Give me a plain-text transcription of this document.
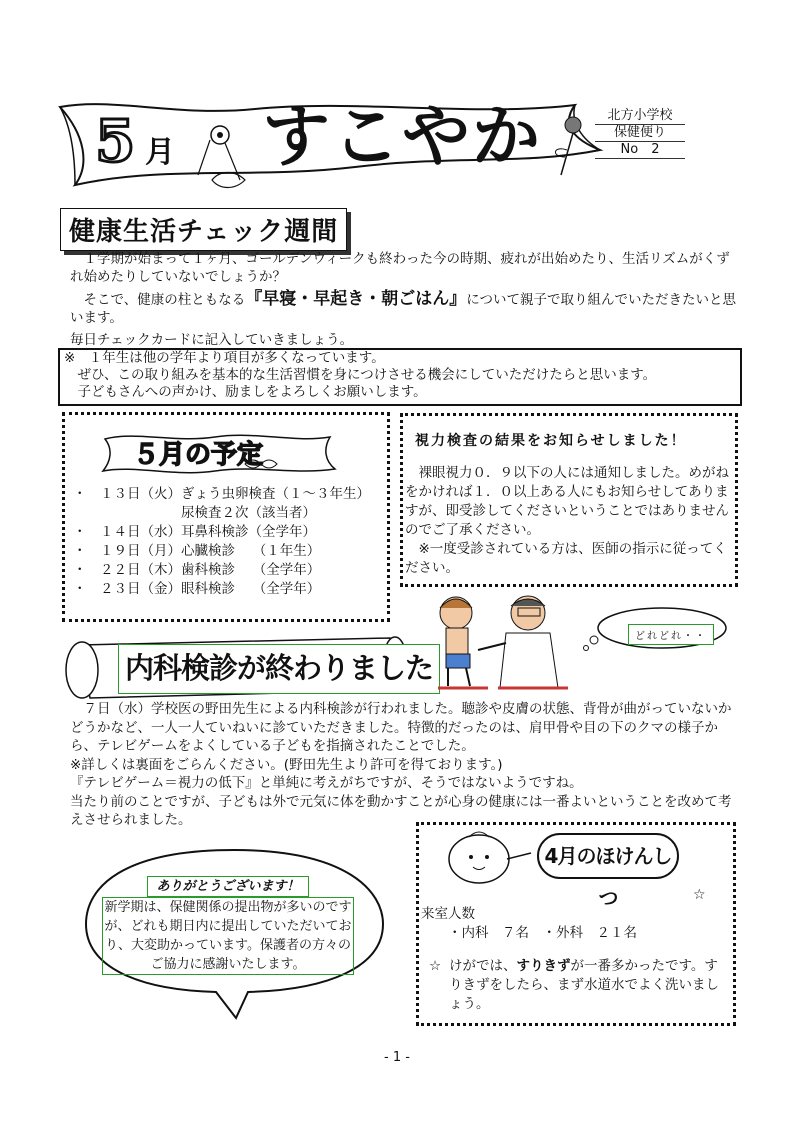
5 月 すこやか	北方小学校
保健便り
No　2
健康生活チェック週間
　１学期が始まって１ヶ月、ゴールデンウィークも終わった今の時期、疲れが出始めたり、生活リズムがくずれ始めたりしていないでしょうか？
　そこで、健康の柱ともなる『早寝・早起き・朝ごはん』について親子で取り組んでいただきたいと思います。
毎日チェックカードに記入していきましょう。
※　１年生は他の学年より項目が多くなっています。
　ぜひ、この取り組みを基本的な生活習慣を身につけさせる機会にしていただけたらと思います。
　子どもさんへの声かけ、励ましをよろしくお願いします。
５月の予定
・　１３日（火）ぎょう虫卵検査（１～３年生）
　　　　　　　　尿検査２次（該当者）
・　１４日（水）耳鼻科検診（全学年）
・　１９日（月）心臓検診　 （１年生）
・　２２日（木）歯科検診　 （全学年）
・　２３日（金）眼科検診　 （全学年）
視力検査の結果をお知らせしました！
　裸眼視力０．９以下の人には通知しました。めがねをかければ１．０以上ある人にもお知らせしてありますが、即受診してくださいということではありませんのでご了承ください。
　※一度受診されている方は、医師の指示に従ってください。
内科検診が終わりました
どれどれ・・
　７日（水）学校医の野田先生による内科検診が行われました。聴診や皮膚の状態、背骨が曲がっていないかどうかなど、一人一人ていねいに診ていただきました。特徴的だったのは、肩甲骨や目の下のクマの様子から、テレビゲームをよくしている子どもを指摘されたことでした。
※詳しくは裏面をごらんください。(野田先生より許可を得ております。)
『テレビゲーム＝視力の低下』と単純に考えがちですが、そうではないようですね。
当たり前のことですが、子どもは外で元気に体を動かすことが心身の健康には一番よいということを改めて考えさせられました。
ありがとうございます！
新学期は、保健関係の提出物が多いのですが、どれも期日内に提出していただいており、大変助かっています。保護者の方々のご協力に感謝いたします。
4月のほけんしつ	☆
来室人数
　　・内科　７名　・外科　２１名
☆ けがでは、すりきずが一番多かったです。すりきずをしたら、まず水道水でよく洗いましょう。
- 1 -
